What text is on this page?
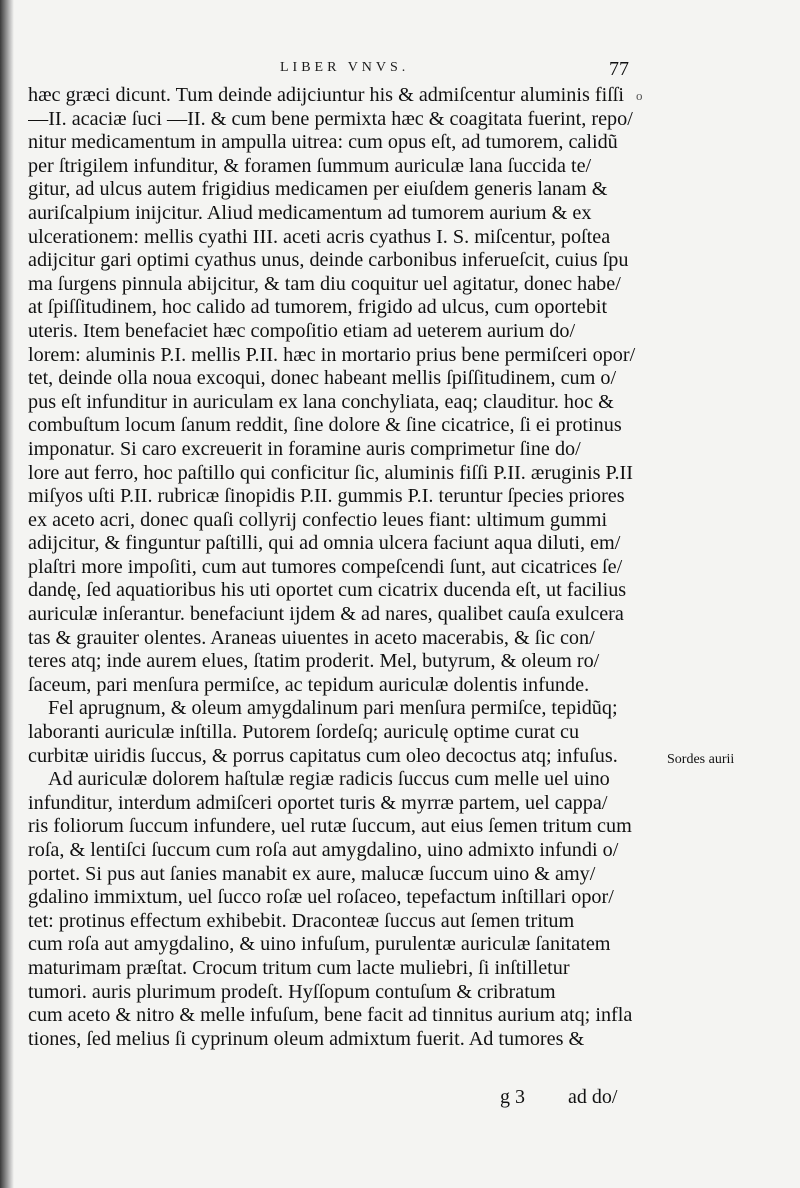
LIBER VNVS.	77
o
hæc græci dicunt. Tum deinde adijciuntur his & admiſcentur aluminis fiſſi
—II. acaciæ ſuci —II. & cum bene permixta hæc & coagitata fuerint, repo/
nitur medicamentum in ampulla uitrea: cum opus eſt, ad tumorem, calidũ
per ſtrigilem infunditur, & foramen ſummum auriculæ lana ſuccida te/
gitur, ad ulcus autem frigidius medicamen per eiuſdem generis lanam &
auriſcalpium inijcitur. Aliud medicamentum ad tumorem aurium & ex
ulcerationem: mellis cyathi III. aceti acris cyathus I. S. miſcentur, poſtea
adijcitur gari optimi cyathus unus, deinde carbonibus inferueſcit, cuius ſpu
ma ſurgens pinnula abijcitur, & tam diu coquitur uel agitatur, donec habe/
at ſpiſſitudinem, hoc calido ad tumorem, frigido ad ulcus, cum oportebit
uteris. Item benefaciet hæc compoſitio etiam ad ueterem aurium do/
lorem: aluminis P.I. mellis P.II. hæc in mortario prius bene permiſceri opor/
tet, deinde olla noua excoqui, donec habeant mellis ſpiſſitudinem, cum o/
pus eſt infunditur in auriculam ex lana conchyliata, eaq; clauditur. hoc &
combuſtum locum ſanum reddit, ſine dolore & ſine cicatrice, ſi ei protinus
imponatur. Si caro excreuerit in foramine auris comprimetur ſine do/
lore aut ferro, hoc paſtillo qui conficitur ſic, aluminis fiſſi P.II. æruginis P.II
miſyos uſti P.II. rubricæ ſinopidis P.II. gummis P.I. teruntur ſpecies priores
ex aceto acri, donec quaſi collyrij confectio leues fiant: ultimum gummi
adijcitur, & finguntur paſtilli, qui ad omnia ulcera faciunt aqua diluti, em/
plaſtri more impoſiti, cum aut tumores compeſcendi ſunt, aut cicatrices ſe/
dandę, ſed aquatioribus his uti oportet cum cicatrix ducenda eſt, ut facilius
auriculæ inſerantur. benefaciunt ijdem & ad nares, qualibet cauſa exulcera
tas & grauiter olentes. Araneas uiuentes in aceto macerabis, & ſic con/
teres atq; inde aurem elues, ſtatim proderit. Mel, butyrum, & oleum ro/
ſaceum, pari menſura permiſce, ac tepidum auriculæ dolentis infunde.
Fel aprugnum, & oleum amygdalinum pari menſura permiſce, tepidũq;
laboranti auriculæ inſtilla. Putorem ſordeſq; auriculę optime curat cu
curbitæ uiridis ſuccus, & porrus capitatus cum oleo decoctus atq; infuſus.
Ad auriculæ dolorem haſtulæ regiæ radicis ſuccus cum melle uel uino
infunditur, interdum admiſceri oportet turis & myrræ partem, uel cappa/
ris foliorum ſuccum infundere, uel rutæ ſuccum, aut eius ſemen tritum cum
roſa, & lentiſci ſuccum cum roſa aut amygdalino, uino admixto infundi o/
portet. Si pus aut ſanies manabit ex aure, malucæ ſuccum uino & amy/
gdalino immixtum, uel ſucco roſæ uel roſaceo, tepefactum inſtillari opor/
tet: protinus effectum exhibebit. Draconteæ ſuccus aut ſemen tritum
cum roſa aut amygdalino, & uino infuſum, purulentæ auriculæ ſanitatem
maturimam præſtat. Crocum tritum cum lacte muliebri, ſi inſtilletur
tumori. auris plurimum prodeſt. Hyſſopum contuſum & cribratum
cum aceto & nitro & melle infuſum, bene facit ad tinnitus aurium atq; infla
tiones, ſed melius ſi cyprinum oleum admixtum fuerit. Ad tumores &
Sordes aurii
g 3 ad do/
